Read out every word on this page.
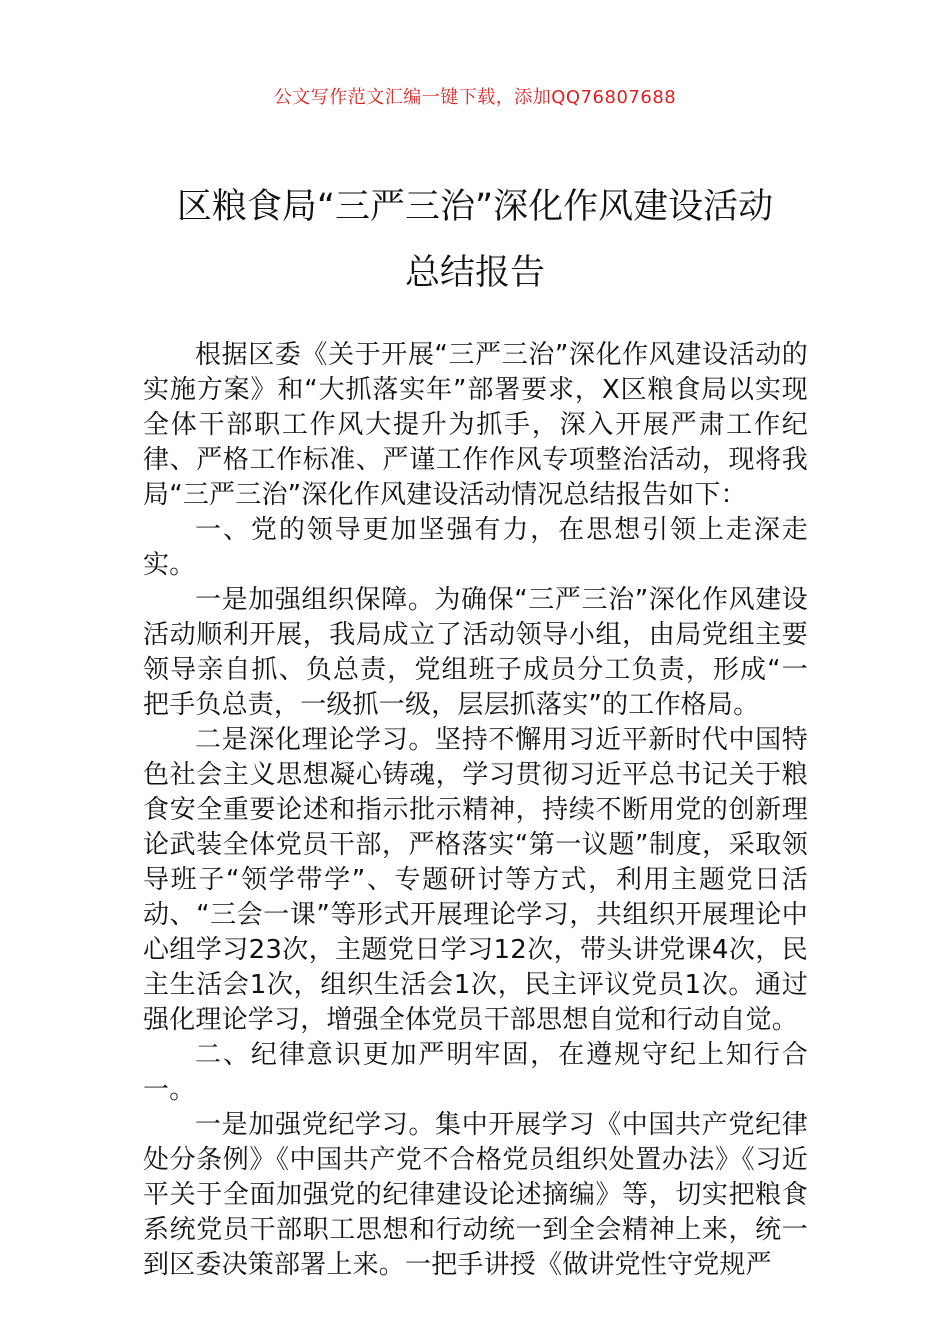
公文写作范文汇编一键下载，添加QQ76807688
区粮食局“三严三治”深化作风建设活动
总结报告

根据区委《关于开展“三严三治”深化作风建设活动的实施方案》和“大抓落实年”部署要求，X区粮食局以实现全体干部职工作风大提升为抓手，深入开展严肃工作纪律、严格工作标准、严谨工作作风专项整治活动，现将我局“三严三治”深化作风建设活动情况总结报告如下：

一、党的领导更加坚强有力，在思想引领上走深走实。

一是加强组织保障。为确保“三严三治”深化作风建设活动顺利开展，我局成立了活动领导小组，由局党组主要领导亲自抓、负总责，党组班子成员分工负责，形成“一把手负总责，一级抓一级，层层抓落实”的工作格局。

二是深化理论学习。坚持不懈用习近平新时代中国特色社会主义思想凝心铸魂，学习贯彻习近平总书记关于粮食安全重要论述和指示批示精神，持续不断用党的创新理论武装全体党员干部，严格落实“第一议题”制度，采取领导班子“领学带学”、专题研讨等方式，利用主题党日活动、“三会一课”等形式开展理论学习，共组织开展理论中心组学习23次，主题党日学习12次，带头讲党课4次，民主生活会1次，组织生活会1次，民主评议党员1次。通过强化理论学习，增强全体党员干部思想自觉和行动自觉。

二、纪律意识更加严明牢固，在遵规守纪上知行合一。

一是加强党纪学习。集中开展学习《中国共产党纪律处分条例》《中国共产党不合格党员组织处置办法》《习近平关于全面加强党的纪律建设论述摘编》等，切实把粮食系统党员干部职工思想和行动统一到全会精神上来，统一到区委决策部署上来。一把手讲授《做讲党性守党规严
